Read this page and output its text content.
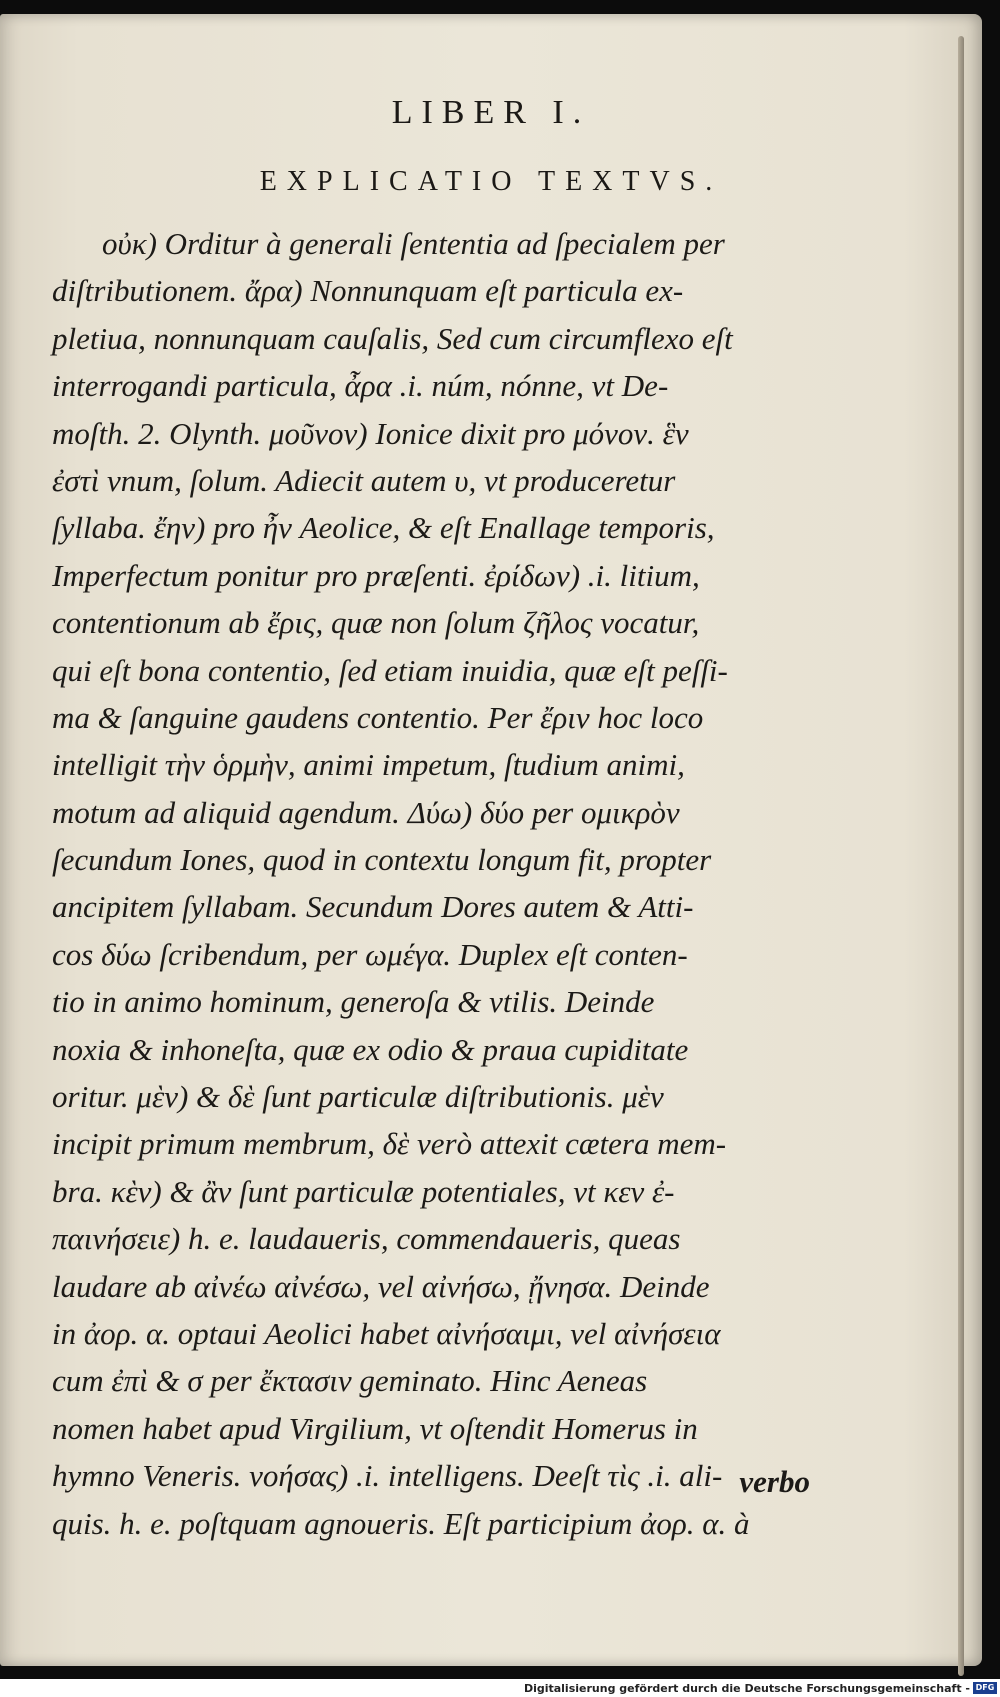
LIBER I.
EXPLICATIO TEXTVS.
οὐκ) Orditur à generali ſententia ad ſpecialem per
diſtributionem. ἄρα) Nonnunquam eſt particula ex-
pletiua, nonnunquam cauſalis, Sed cum circumflexo eſt
interrogandi particula, ἆρα .i. núm, nónne, vt De-
moſth. 2. Olynth. μοῦνον) Ionice dixit pro μόνον. ἓν
ἐστὶ vnum, ſolum. Adiecit autem υ, vt produceretur
ſyllaba. ἔην) pro ἦν Aeolice, & eſt Enallage temporis,
Imperfectum ponitur pro præſenti. ἐρίδων) .i. litium,
contentionum ab ἔρις, quæ non ſolum ζῆλος vocatur,
qui eſt bona contentio, ſed etiam inuidia, quæ eſt peſſi-
ma & ſanguine gaudens contentio. Per ἔριν hoc loco
intelligit τὴν ὁρμὴν, animi impetum, ſtudium animi,
motum ad aliquid agendum. Δύω) δύο per ομικρὸν
ſecundum Iones, quod in contextu longum fit, propter
ancipitem ſyllabam. Secundum Dores autem & Atti-
cos δύω ſcribendum, per ωμέγα. Duplex eſt conten-
tio in animo hominum, generoſa & vtilis. Deinde
noxia & inhoneſta, quæ ex odio & praua cupiditate
oritur. μὲν) & δὲ ſunt particulæ diſtributionis. μὲν
incipit primum membrum, δὲ verò attexit cætera mem-
bra. κὲν) & ἂν ſunt particulæ potentiales, vt κεν ἐ-
παινήσειε) h. e. laudaueris, commendaueris, queas
laudare ab αἰνέω αἰνέσω, vel αἰνήσω, ᾔνησα. Deinde
in ἀορ. α. optaui Aeolici habet αἰνήσαιμι, vel αἰνήσεια
cum ἐπὶ & σ per ἔκτασιν geminato. Hinc Aeneas
nomen habet apud Virgilium, vt oſtendit Homerus in
hymno Veneris. νοήσας) .i. intelligens. Deeſt τὶς .i. ali-
quis. h. e. poſtquam agnoueris. Eſt participium ἀορ. α. à
verbo
Digitalisierung gefördert durch die Deutsche Forschungsgemeinschaft - DFG
